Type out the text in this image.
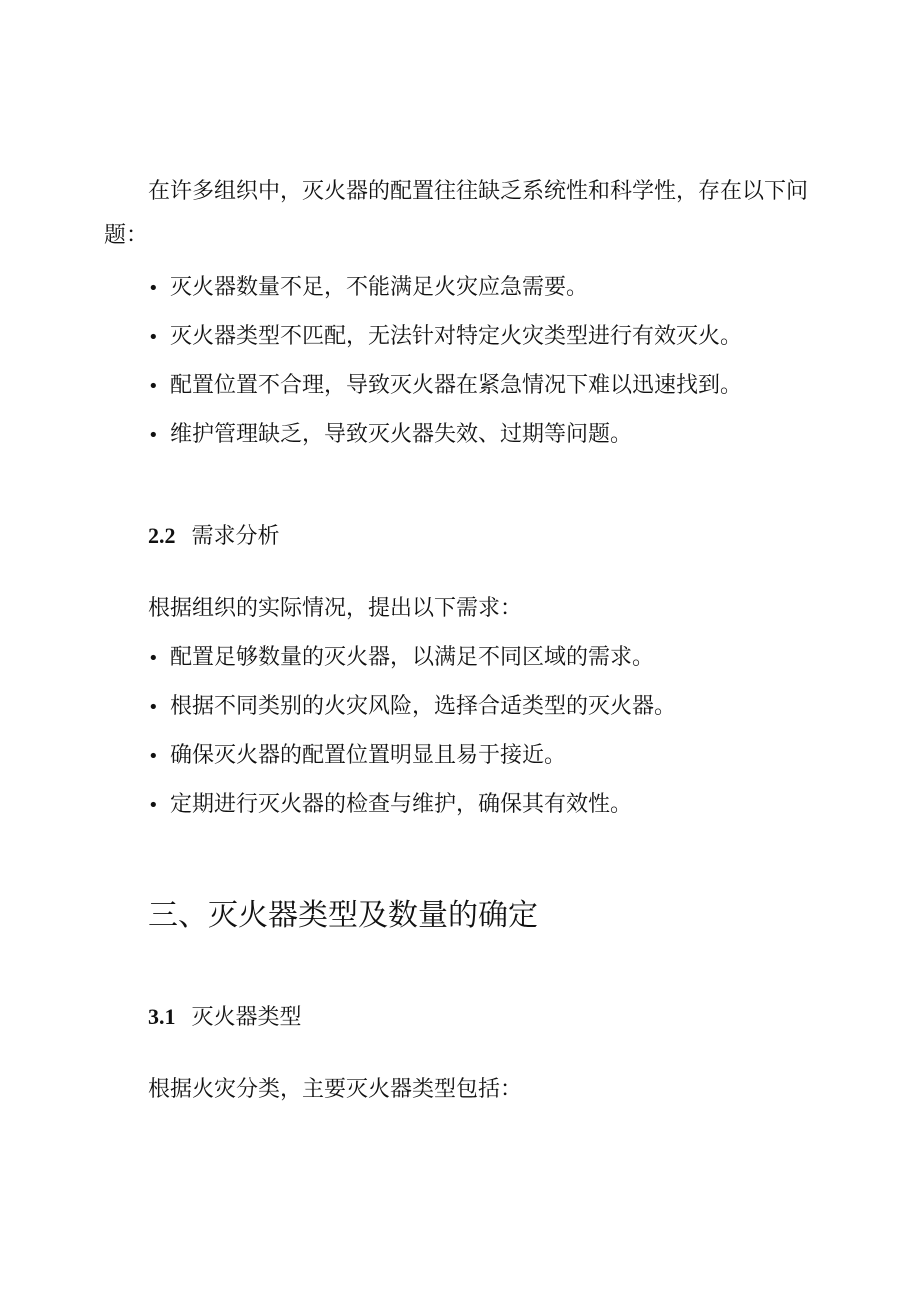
在许多组织中，灭火器的配置往往缺乏系统性和科学性，存在以下问题：

• 灭火器数量不足，不能满足火灾应急需要。
• 灭火器类型不匹配，无法针对特定火灾类型进行有效灭火。
• 配置位置不合理，导致灭火器在紧急情况下难以迅速找到。
• 维护管理缺乏，导致灭火器失效、过期等问题。
2.2 需求分析

根据组织的实际情况，提出以下需求：

• 配置足够数量的灭火器，以满足不同区域的需求。
• 根据不同类别的火灾风险，选择合适类型的灭火器。
• 确保灭火器的配置位置明显且易于接近。
• 定期进行灭火器的检查与维护，确保其有效性。
三、灭火器类型及数量的确定
3.1 灭火器类型

根据火灾分类，主要灭火器类型包括：
